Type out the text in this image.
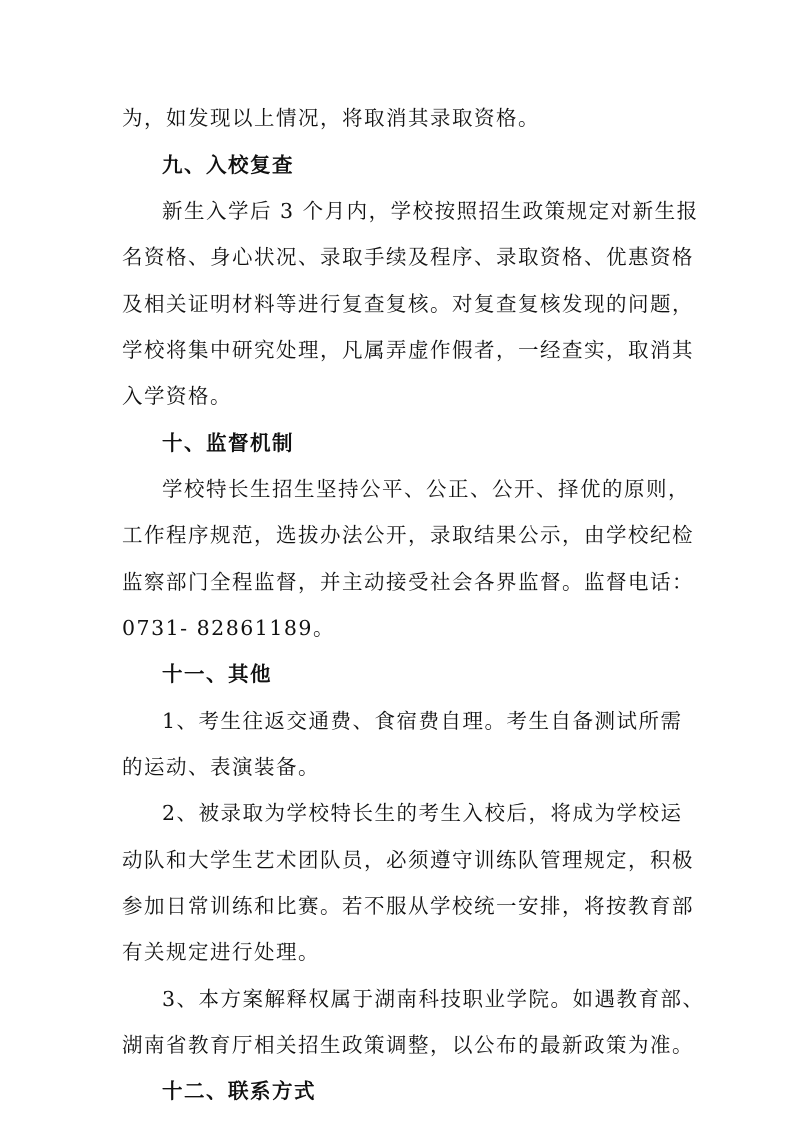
为，如发现以上情况，将取消其录取资格。
九、入校复查
新生入学后 3 个月内，学校按照招生政策规定对新生报
名资格、身心状况、录取手续及程序、录取资格、优惠资格
及相关证明材料等进行复查复核。对复查复核发现的问题，
学校将集中研究处理，凡属弄虚作假者，一经查实，取消其
入学资格。
十、监督机制
学校特长生招生坚持公平、公正、公开、择优的原则，
工作程序规范，选拔办法公开，录取结果公示，由学校纪检
监察部门全程监督，并主动接受社会各界监督。监督电话：
0731- 82861189。
十一、其他
1、考生往返交通费、食宿费自理。考生自备测试所需
的运动、表演装备。
2、被录取为学校特长生的考生入校后，将成为学校运
动队和大学生艺术团队员，必须遵守训练队管理规定，积极
参加日常训练和比赛。若不服从学校统一安排，将按教育部
有关规定进行处理。
3、本方案解释权属于湖南科技职业学院。如遇教育部、
湖南省教育厅相关招生政策调整，以公布的最新政策为准。
十二、联系方式
